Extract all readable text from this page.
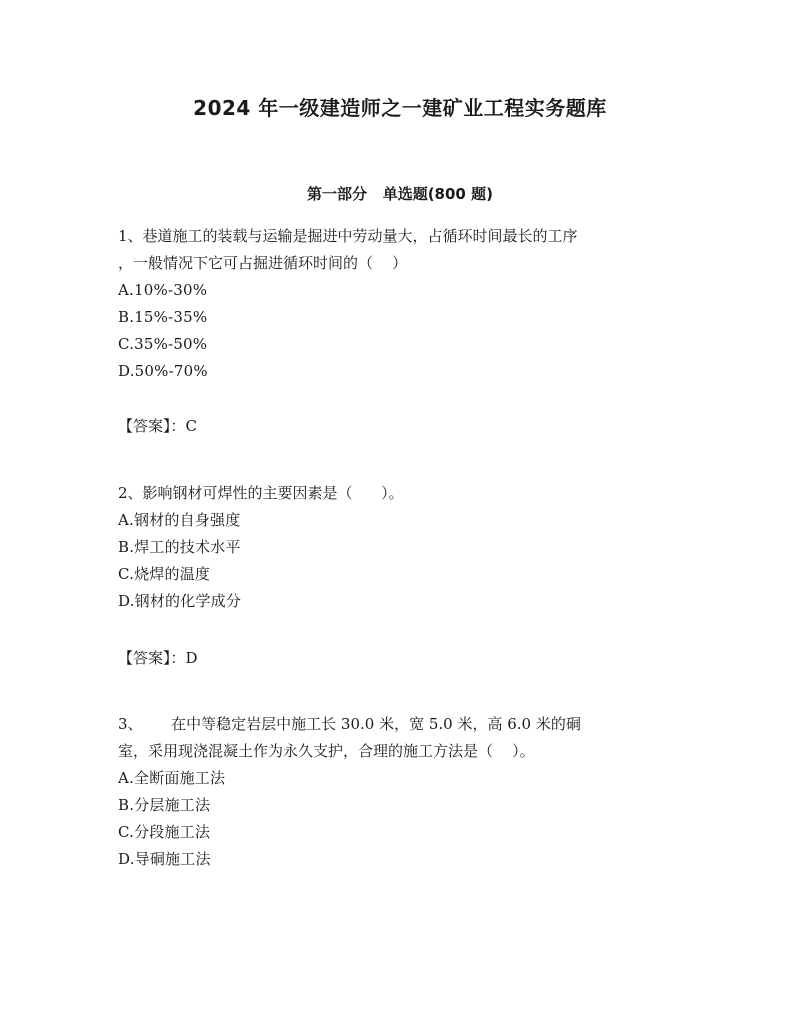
2024 年一级建造师之一建矿业工程实务题库
第一部分   单选题(800 题)
1、巷道施工的装载与运输是掘进中劳动量大，占循环时间最长的工序
，一般情况下它可占掘进循环时间的（    ）
A.10%-30%
B.15%-35%
C.35%-50%
D.50%-70%
【答案】：C
2、影响钢材可焊性的主要因素是（      ）。
A.钢材的自身强度
B.焊工的技术水平
C.烧焊的温度
D.钢材的化学成分
【答案】：D
3、      在中等稳定岩层中施工长 30.0 米，宽 5.0 米，高 6.0 米的硐
室，采用现浇混凝土作为永久支护，合理的施工方法是（    ）。
A.全断面施工法
B.分层施工法
C.分段施工法
D.导硐施工法
